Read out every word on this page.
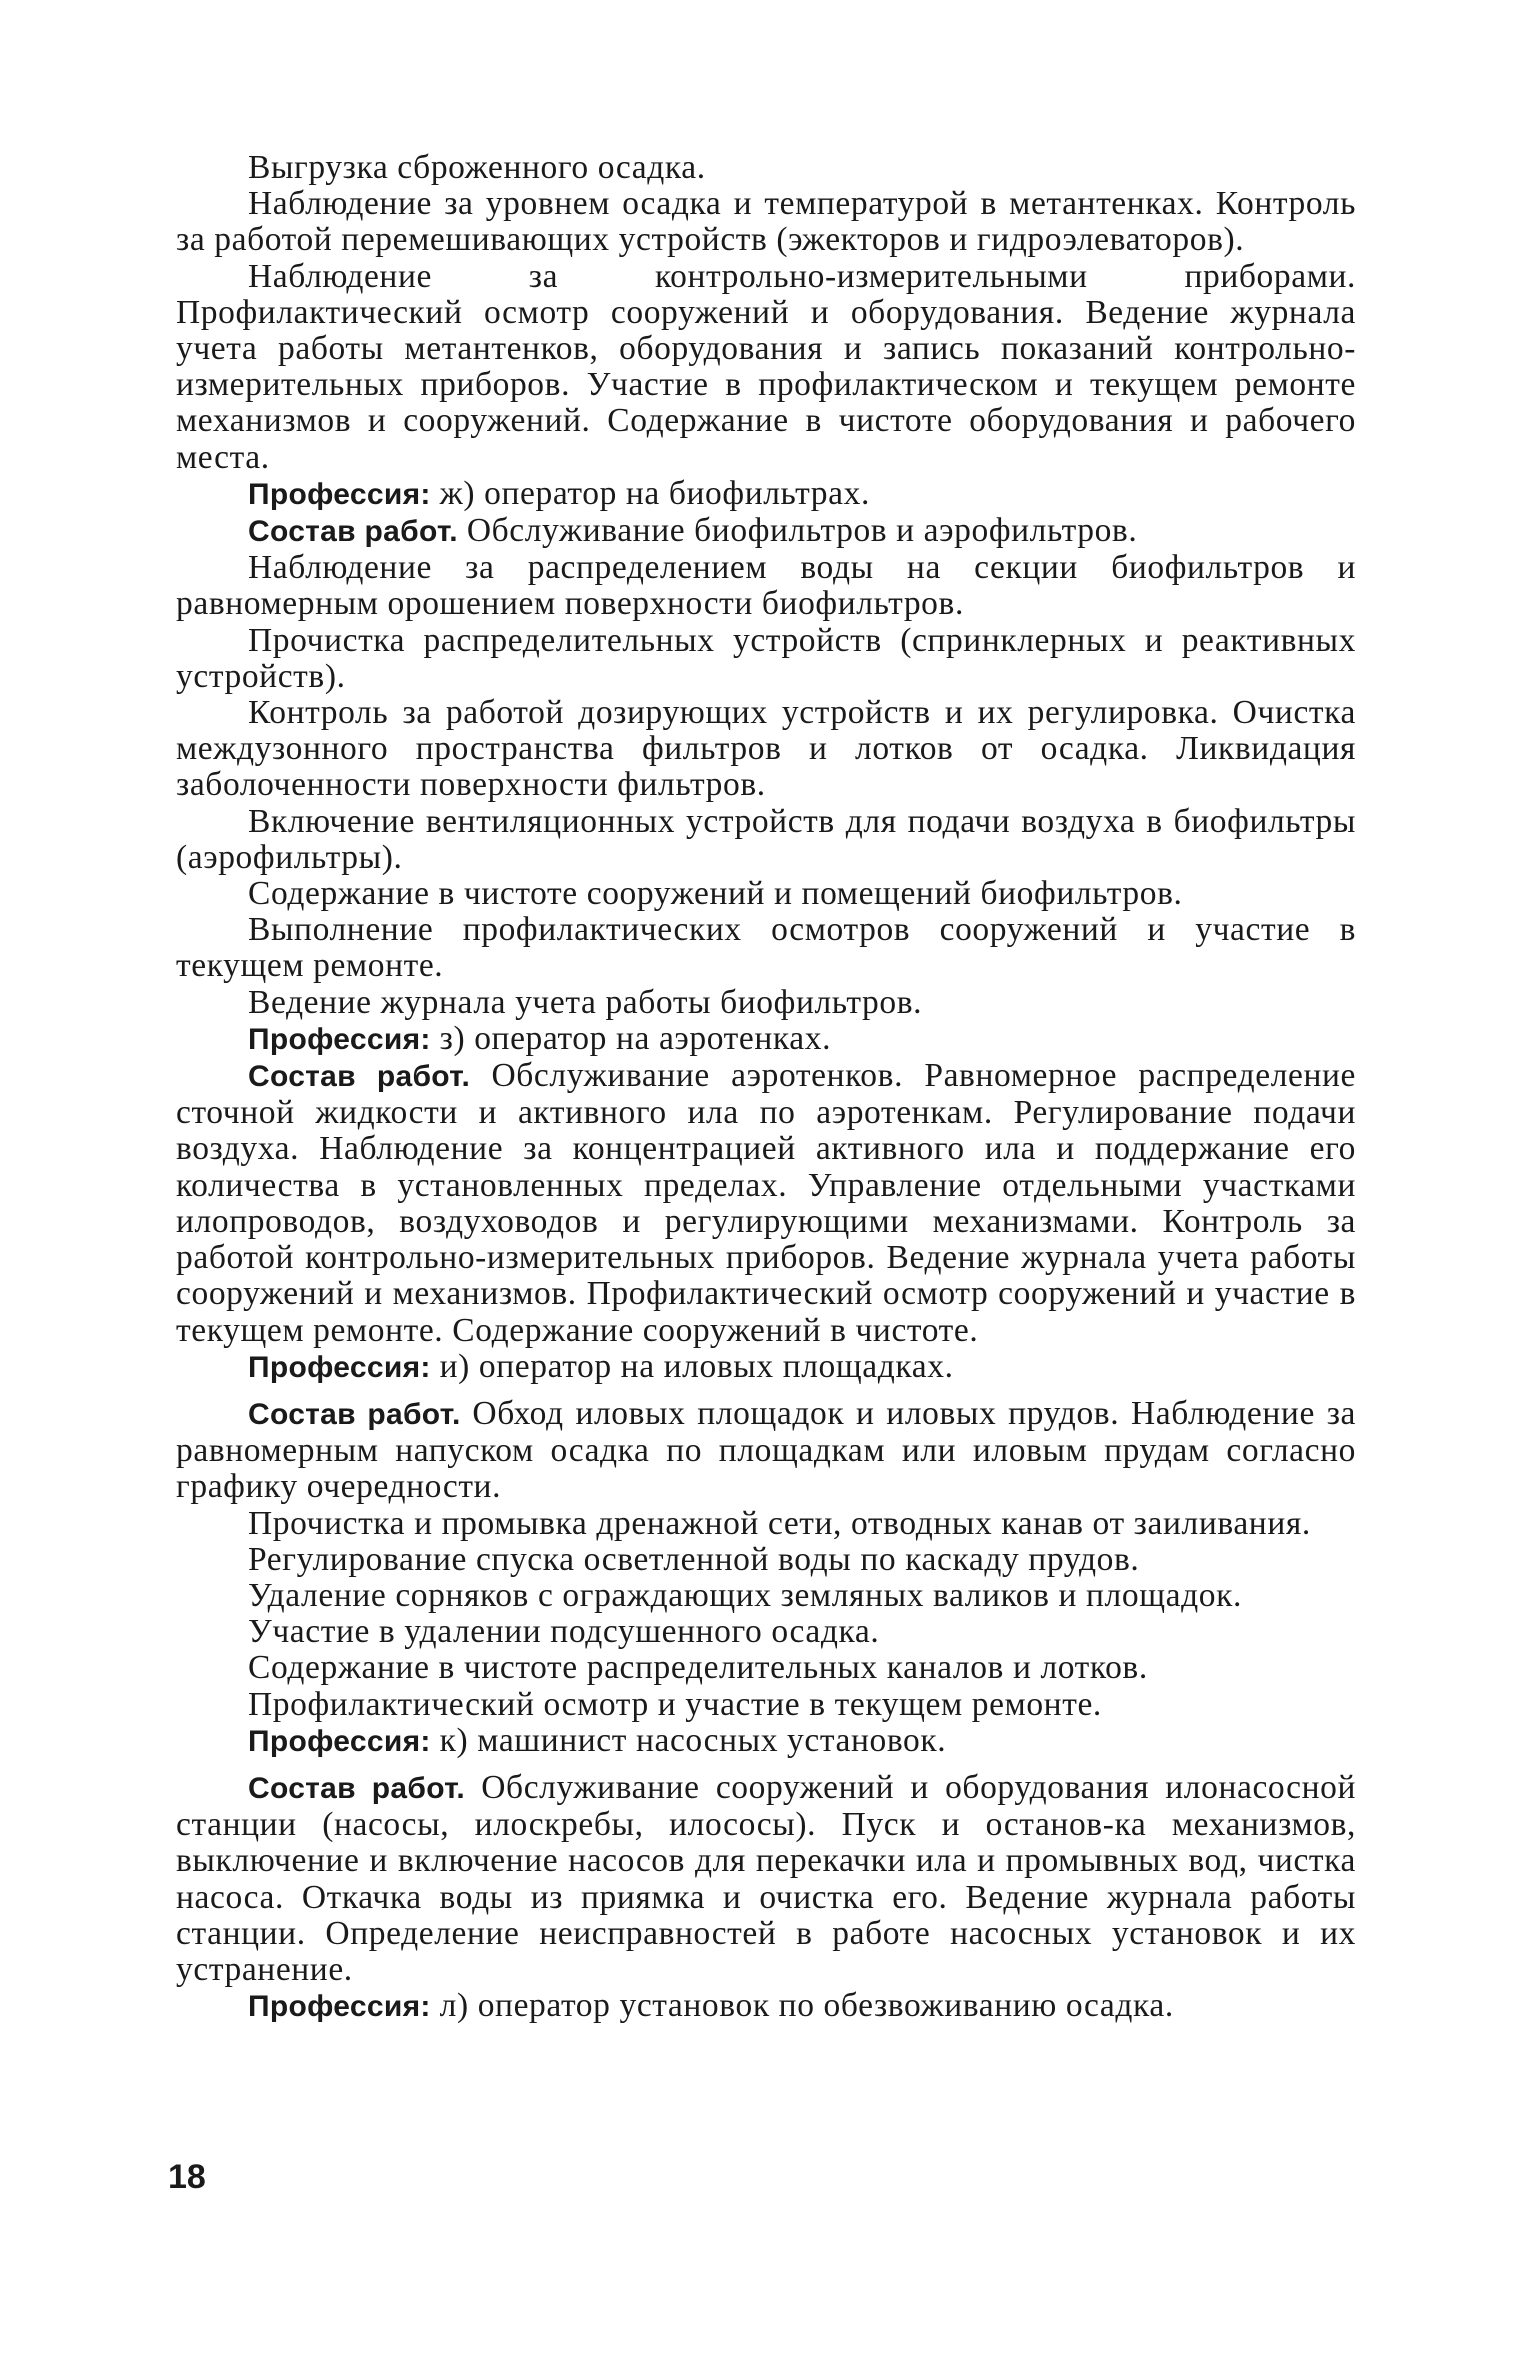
Выгрузка сброженного осадка.

Наблюдение за уровнем осадка и температурой в метантенках. Контроль за работой перемешивающих устройств (эжекторов и гидроэлеваторов).

Наблюдение за контрольно-измерительными приборами. Профилактический осмотр сооружений и оборудования. Ведение журнала учета работы метантенков, оборудования и запись показаний контрольно-измерительных приборов. Участие в профилактическом и текущем ремонте механизмов и сооружений. Содержание в чистоте оборудования и рабочего места.

Профессия: ж) оператор на биофильтрах.

Состав работ. Обслуживание биофильтров и аэрофильтров.

Наблюдение за распределением воды на секции биофильтров и равномерным орошением поверхности биофильтров.

Прочистка распределительных устройств (спринклерных и реактивных устройств).

Контроль за работой дозирующих устройств и их регулировка. Очистка междузонного пространства фильтров и лотков от осадка. Ликвидация заболоченности поверхности фильтров.

Включение вентиляционных устройств для подачи воздуха в биофильтры (аэрофильтры).

Содержание в чистоте сооружений и помещений биофильтров.

Выполнение профилактических осмотров сооружений и участие в текущем ремонте.

Ведение журнала учета работы биофильтров.

Профессия: з) оператор на аэротенках.

Состав работ. Обслуживание аэротенков. Равномерное распределение сточной жидкости и активного ила по аэротенкам. Регулирование подачи воздуха. Наблюдение за концентрацией активного ила и поддержание его количества в установленных пределах. Управление отдельными участками илопроводов, воздуховодов и регулирующими механизмами. Контроль за работой контрольно-измерительных приборов. Ведение журнала учета работы сооружений и механизмов. Профилактический осмотр сооружений и участие в текущем ремонте. Содержание сооружений в чистоте.

Профессия: и) оператор на иловых площадках.

Состав работ. Обход иловых площадок и иловых прудов. Наблюдение за равномерным напуском осадка по площадкам или иловым прудам согласно графику очередности.

Прочистка и промывка дренажной сети, отводных канав от заиливания.

Регулирование спуска осветленной воды по каскаду прудов.

Удаление сорняков с ограждающих земляных валиков и площадок.

Участие в удалении подсушенного осадка.

Содержание в чистоте распределительных каналов и лотков.

Профилактический осмотр и участие в текущем ремонте.

Профессия: к) машинист насосных установок.

Состав работ. Обслуживание сооружений и оборудования илонасосной станции (насосы, илоскребы, илососы). Пуск и останов-ка механизмов, выключение и включение насосов для перекачки ила и промывных вод, чистка насоса. Откачка воды из приямка и очистка его. Ведение журнала работы станции. Определение неисправностей в работе насосных установок и их устранение.

Профессия: л) оператор установок по обезвоживанию осадка.

18
